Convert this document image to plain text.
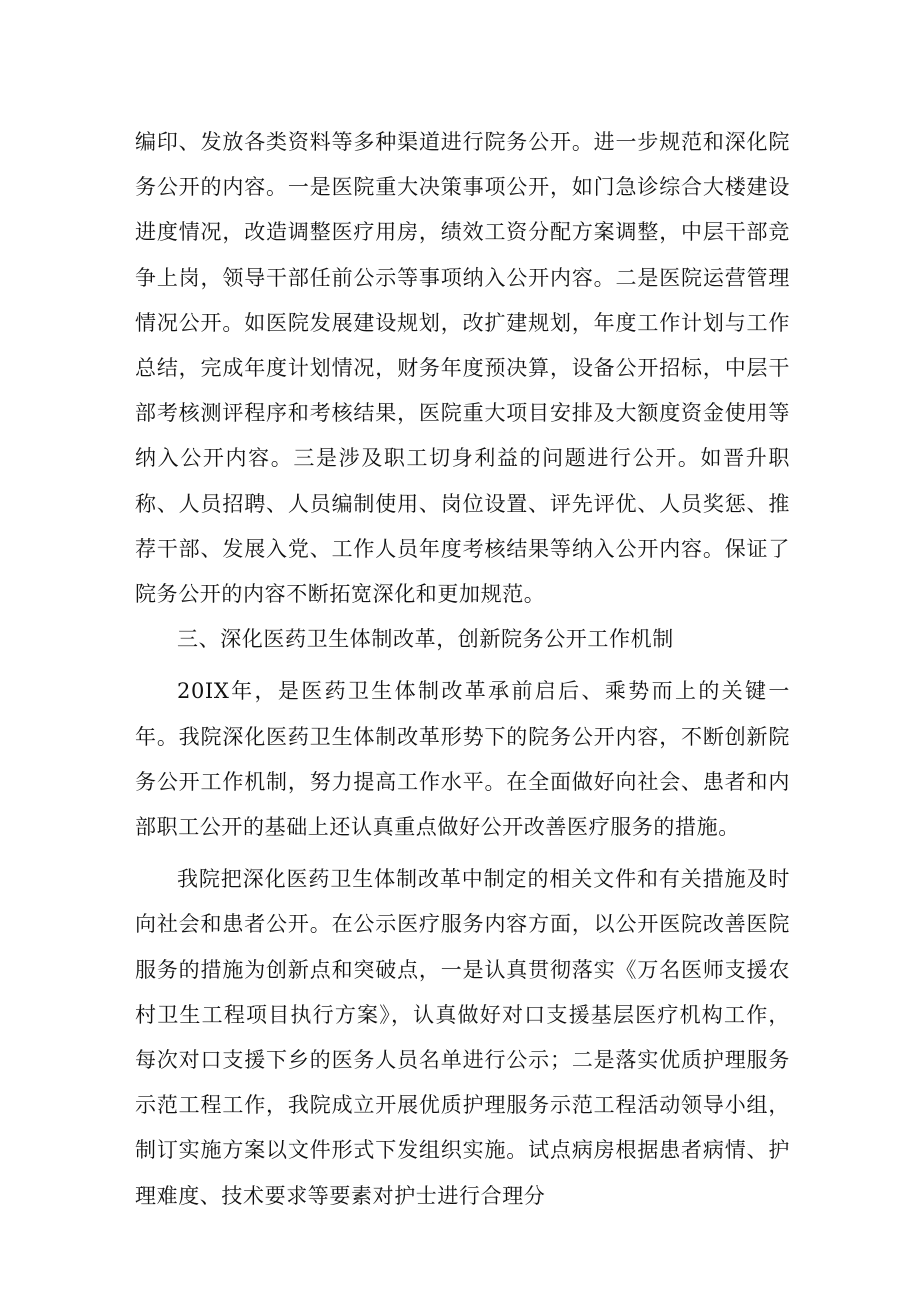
编印、发放各类资料等多种渠道进行院务公开。进一步规范和深化院务公开的内容。一是医院重大决策事项公开，如门急诊综合大楼建设进度情况，改造调整医疗用房，绩效工资分配方案调整，中层干部竞争上岗，领导干部任前公示等事项纳入公开内容。二是医院运营管理情况公开。如医院发展建设规划，改扩建规划，年度工作计划与工作总结，完成年度计划情况，财务年度预决算，设备公开招标，中层干部考核测评程序和考核结果，医院重大项目安排及大额度资金使用等纳入公开内容。三是涉及职工切身利益的问题进行公开。如晋升职称、人员招聘、人员编制使用、岗位设置、评先评优、人员奖惩、推荐干部、发展入党、工作人员年度考核结果等纳入公开内容。保证了院务公开的内容不断拓宽深化和更加规范。

三、深化医药卫生体制改革，创新院务公开工作机制

20IX年，是医药卫生体制改革承前启后、乘势而上的关键一年。我院深化医药卫生体制改革形势下的院务公开内容，不断创新院务公开工作机制，努力提高工作水平。在全面做好向社会、患者和内部职工公开的基础上还认真重点做好公开改善医疗服务的措施。

我院把深化医药卫生体制改革中制定的相关文件和有关措施及时向社会和患者公开。在公示医疗服务内容方面，以公开医院改善医院服务的措施为创新点和突破点，一是认真贯彻落实《万名医师支援农村卫生工程项目执行方案》，认真做好对口支援基层医疗机构工作，每次对口支援下乡的医务人员名单进行公示；二是落实优质护理服务示范工程工作，我院成立开展优质护理服务示范工程活动领导小组，制订实施方案以文件形式下发组织实施。试点病房根据患者病情、护理难度、技术要求等要素对护士进行合理分
